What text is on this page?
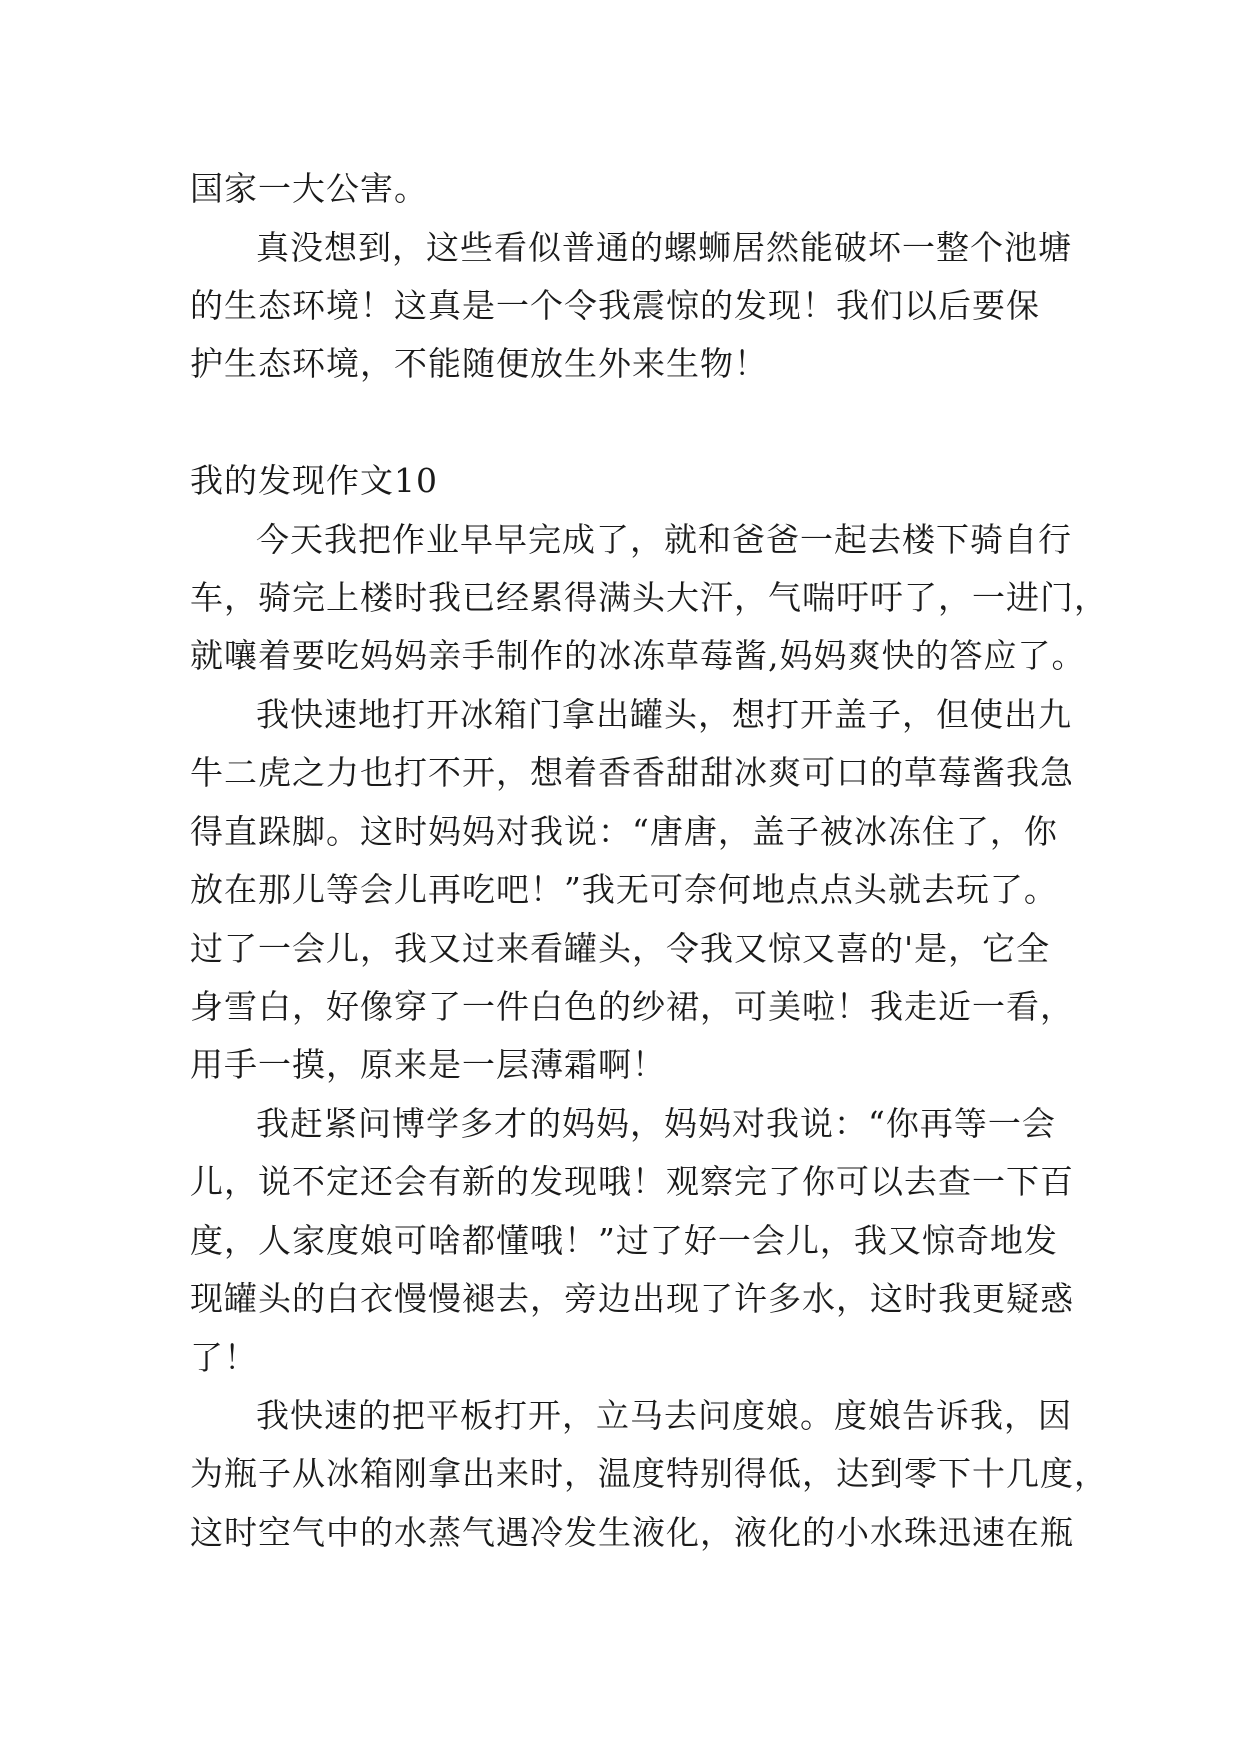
国家一大公害。
真没想到，这些看似普通的螺蛳居然能破坏一整个池塘
的生态环境！这真是一个令我震惊的发现！我们以后要保
护生态环境，不能随便放生外来生物！
我的发现作文10
今天我把作业早早完成了，就和爸爸一起去楼下骑自行
车，骑完上楼时我已经累得满头大汗，气喘吁吁了，一进门，
就嚷着要吃妈妈亲手制作的冰冻草莓酱,妈妈爽快的答应了。
我快速地打开冰箱门拿出罐头，想打开盖子，但使出九
牛二虎之力也打不开，想着香香甜甜冰爽可口的草莓酱我急
得直跺脚。这时妈妈对我说：“唐唐，盖子被冰冻住了，你
放在那儿等会儿再吃吧！”我无可奈何地点点头就去玩了。
过了一会儿，我又过来看罐头，令我又惊又喜的'是，它全
身雪白，好像穿了一件白色的纱裙，可美啦！我走近一看，
用手一摸，原来是一层薄霜啊！
我赶紧问博学多才的妈妈，妈妈对我说：“你再等一会
儿，说不定还会有新的发现哦！观察完了你可以去查一下百
度，人家度娘可啥都懂哦！”过了好一会儿，我又惊奇地发
现罐头的白衣慢慢褪去，旁边出现了许多水，这时我更疑惑
了！
我快速的把平板打开，立马去问度娘。度娘告诉我，因
为瓶子从冰箱刚拿出来时，温度特别得低，达到零下十几度，
这时空气中的水蒸气遇冷发生液化，液化的小水珠迅速在瓶
